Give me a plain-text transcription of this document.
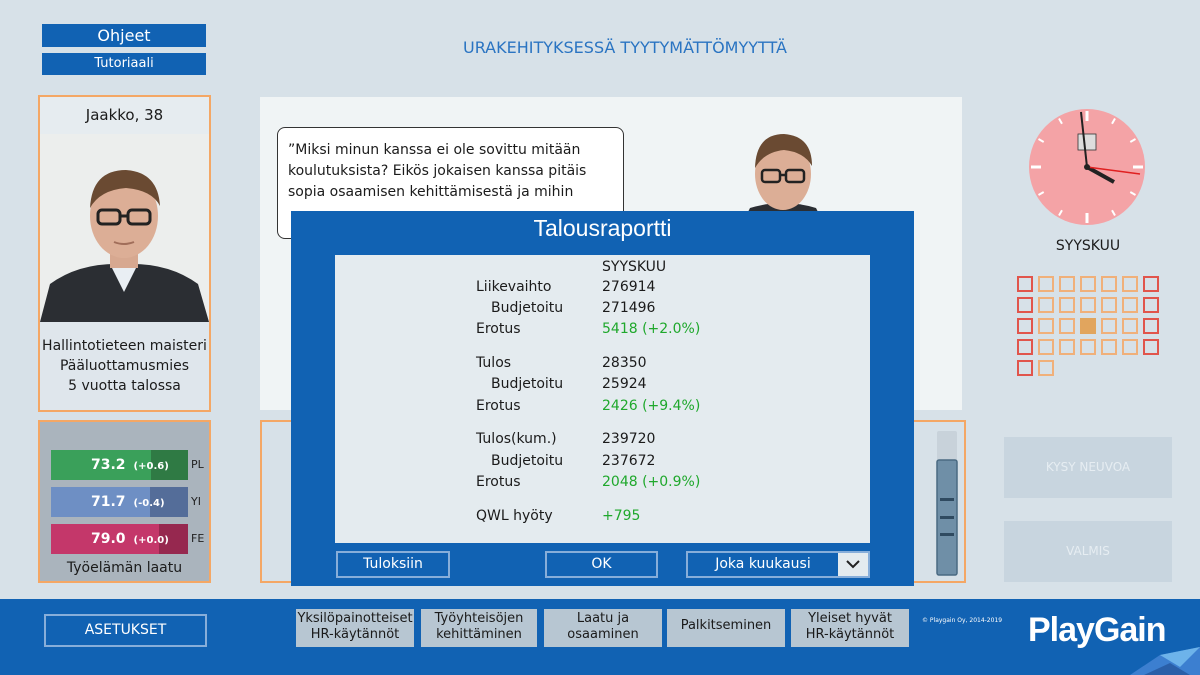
Ohjeet
Tutoriaali
URAKEHITYKSESSÄ TYYTYMÄTTÖMYYTTÄ
Jaakko, 38
Hallintotieteen maisteri
Pääluottamusmies
5 vuotta talossa
73.2 (+0.6)	PL
71.7 (-0.4)	YI
79.0 (+0.0)	FE
Työelämän laatu
”Miksi minun kanssa ei ole sovittu mitään
koulutuksista? Eikös jokaisen kanssa pitäis
sopia osaamisen kehittämisestä ja mihin
Talousraportti
SYYSKUU
Liikevaihto	276914
Budjetoitu	271496
Erotus	5418 (+2.0%)
Tulos	28350
Budjetoitu	25924
Erotus	2426 (+9.4%)
Tulos(kum.)	239720
Budjetoitu	237672
Erotus	2048 (+0.9%)
QWL hyöty	+795
Tuloksiin	OK	Joka kuukausi
SYYSKUU
KYSY NEUVOA
VALMIS
ASETUKSET
Yksilöpainotteiset
HR-käytännöt
Työyhteisöjen
kehittäminen
Laatu ja
osaaminen
Palkitseminen	Yleiset hyvät
HR-käytännöt
© Playgain Oy, 2014-2019 PlayGain
